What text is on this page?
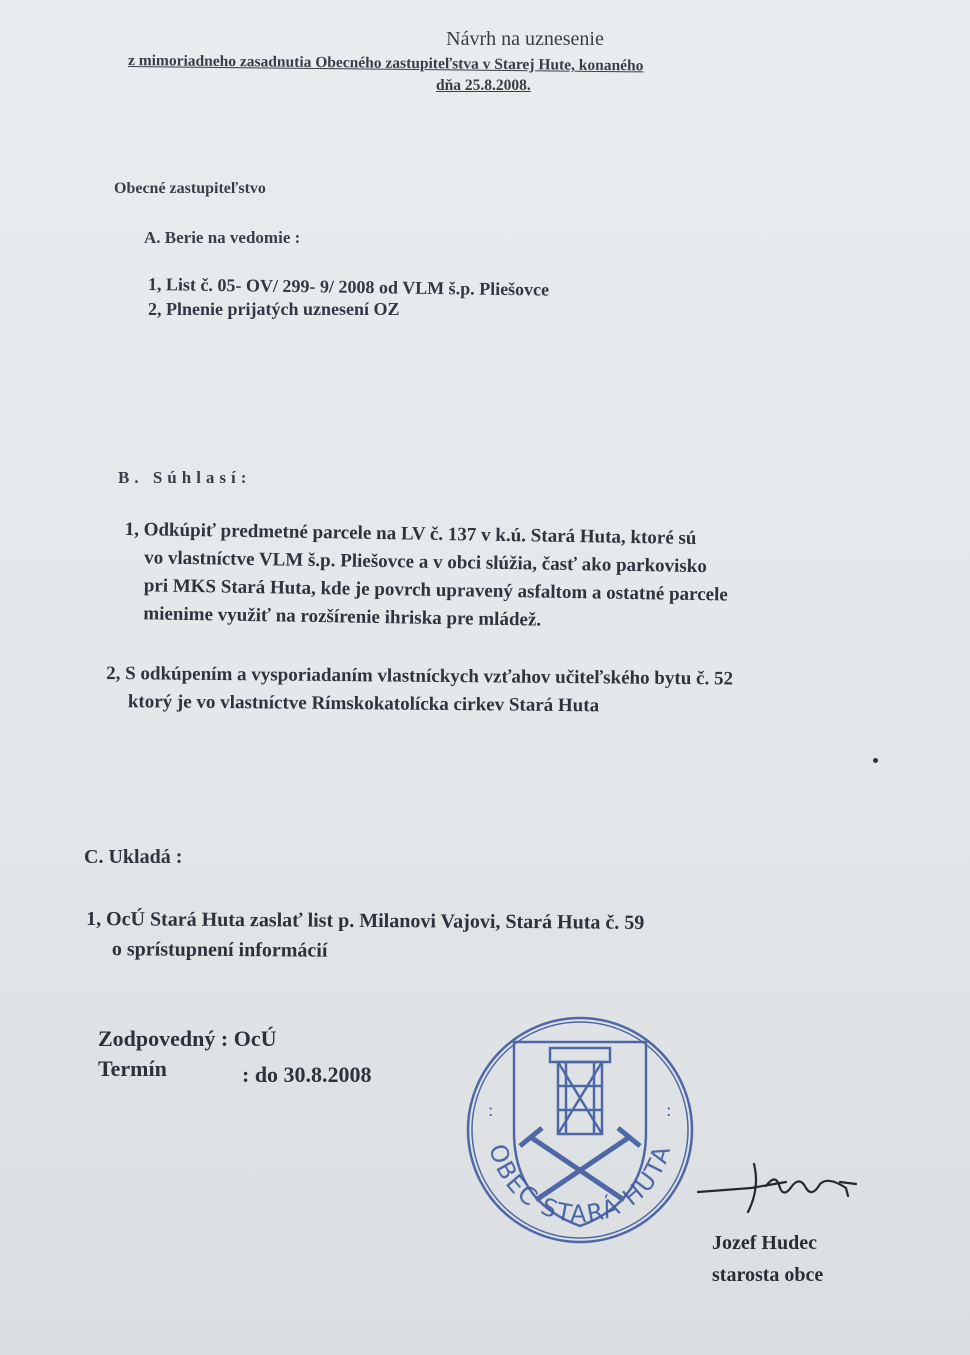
Návrh na uznesenie
z mimoriadneho zasadnutia Obecného zastupiteľstva v Starej Hute, konaného
dňa 25.8.2008.
Obecné zastupiteľstvo
A. Berie na vedomie :
1, List č. 05- OV/ 299- 9/ 2008 od VLM š.p. Pliešovce
2, Plnenie prijatých uznesení OZ
B. Súhlasí:
1, Odkúpiť predmetné parcele na LV č. 137 v k.ú. Stará Huta, ktoré sú
vo vlastníctve VLM š.p. Pliešovce a v obci slúžia, časť ako parkovisko
pri MKS Stará Huta, kde je povrch upravený asfaltom a ostatné parcele
mienime využiť na rozšírenie ihriska pre mládež.
2, S odkúpením a vysporiadaním vlastníckych vzťahov učiteľského bytu č. 52
ktorý je vo vlastníctve Rímskokatolícka cirkev Stará Huta
C. Ukladá :
1, OcÚ Stará Huta zaslať list p. Milanovi Vajovi, Stará Huta č. 59
o sprístupnení informácií
Zodpovedný : OcÚ
Termín	: do 30.8.2008
OBEC STARÁ HUTA
:	:
Jozef Hudec
starosta obce
